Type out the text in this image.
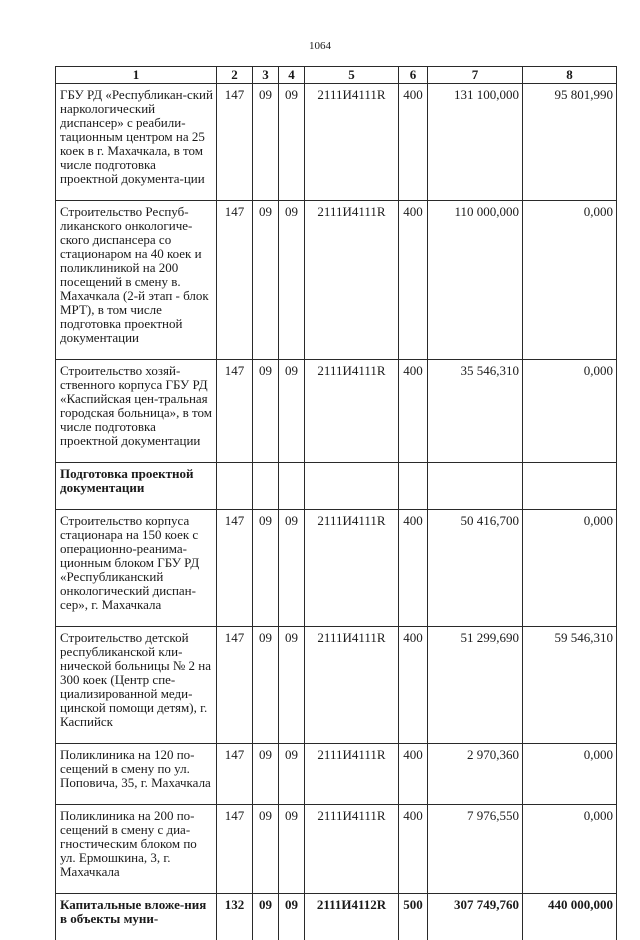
1064
1	2	3	4	5	6	7	8
ГБУ РД «Республикан-ский наркологический диспансер» с реабили-тационным центром на 25 коек в г. Махачкала, в том числе подготовка проектной документа-ции	147	09	09	2111И4111R	400	131 100,000	95 801,990
Строительство Респуб-ликанского онкологиче-ского диспансера со стационаром на 40 коек и поликлиникой на 200 посещений в смену в. Махачкала (2-й этап - блок МРТ), в том числе подготовка проектной документации	147	09	09	2111И4111R	400	110 000,000	0,000
Строительство хозяй-ственного корпуса ГБУ РД «Каспийская цен-тральная городская больница», в том числе подготовка проектной документации	147	09	09	2111И4111R	400	35 546,310	0,000
Подготовка проектной документации							
Строительство корпуса стационара на 150 коек с операционно-реанима-ционным блоком ГБУ РД «Республиканский онкологический диспан-сер», г. Махачкала	147	09	09	2111И4111R	400	50 416,700	0,000
Строительство детской республиканской кли-нической больницы № 2 на 300 коек (Центр спе-циализированной меди-цинской помощи детям), г. Каспийск	147	09	09	2111И4111R	400	51 299,690	59 546,310
Поликлиника на 120 по-сещений в смену по ул. Поповича, 35, г. Махачкала	147	09	09	2111И4111R	400	2 970,360	0,000
Поликлиника на 200 по-сещений в смену с диа-гностическим блоком по ул. Ермошкина, 3, г. Махачкала	147	09	09	2111И4111R	400	7 976,550	0,000
Капитальные вложе-ния в объекты муни-	132	09	09	2111И4112R	500	307 749,760	440 000,000
